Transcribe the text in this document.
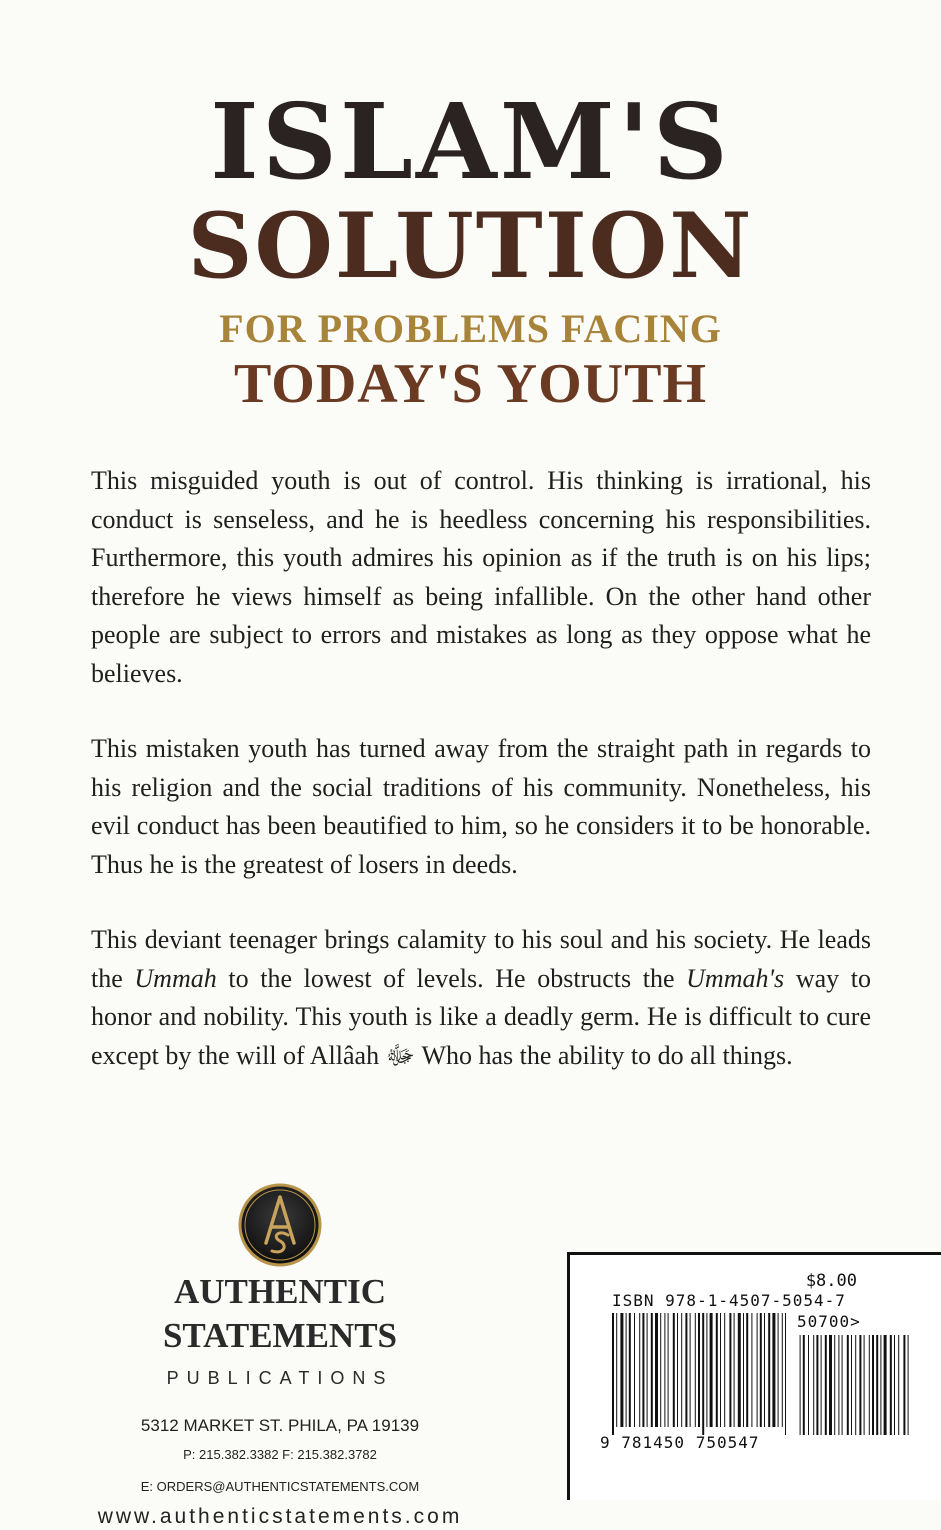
ISLAM'S
SOLUTION
FOR PROBLEMS FACING
TODAY'S YOUTH

This misguided youth is out of control. His thinking is irrational, his conduct is senseless, and he is heedless concerning his responsibilities. Furthermore, this youth admires his opinion as if the truth is on his lips; therefore he views himself as being infallible. On the other hand other people are subject to errors and mistakes as long as they oppose what he believes.

This mistaken youth has turned away from the straight path in regards to his religion and the social traditions of his community. Nonetheless, his evil conduct has been beautified to him, so he considers it to be honorable. Thus he is the greatest of losers in deeds.

This deviant teenager brings calamity to his soul and his society. He leads the Ummah to the lowest of levels. He obstructs the Ummah's way to honor and nobility. This youth is like a deadly germ. He is difficult to cure except by the will of Allâah ﷻ Who has the ability to do all things.

AUTHENTIC STATEMENTS
PUBLICATIONS
5312 MARKET ST. PHILA, PA 19139
P: 215.382.3382 F: 215.382.3782
E: ORDERS@AUTHENTICSTATEMENTS.COM
www.authenticstatements.com
$8.00
ISBN 978-1-4507-5054-7
50700>
9 781450 750547
